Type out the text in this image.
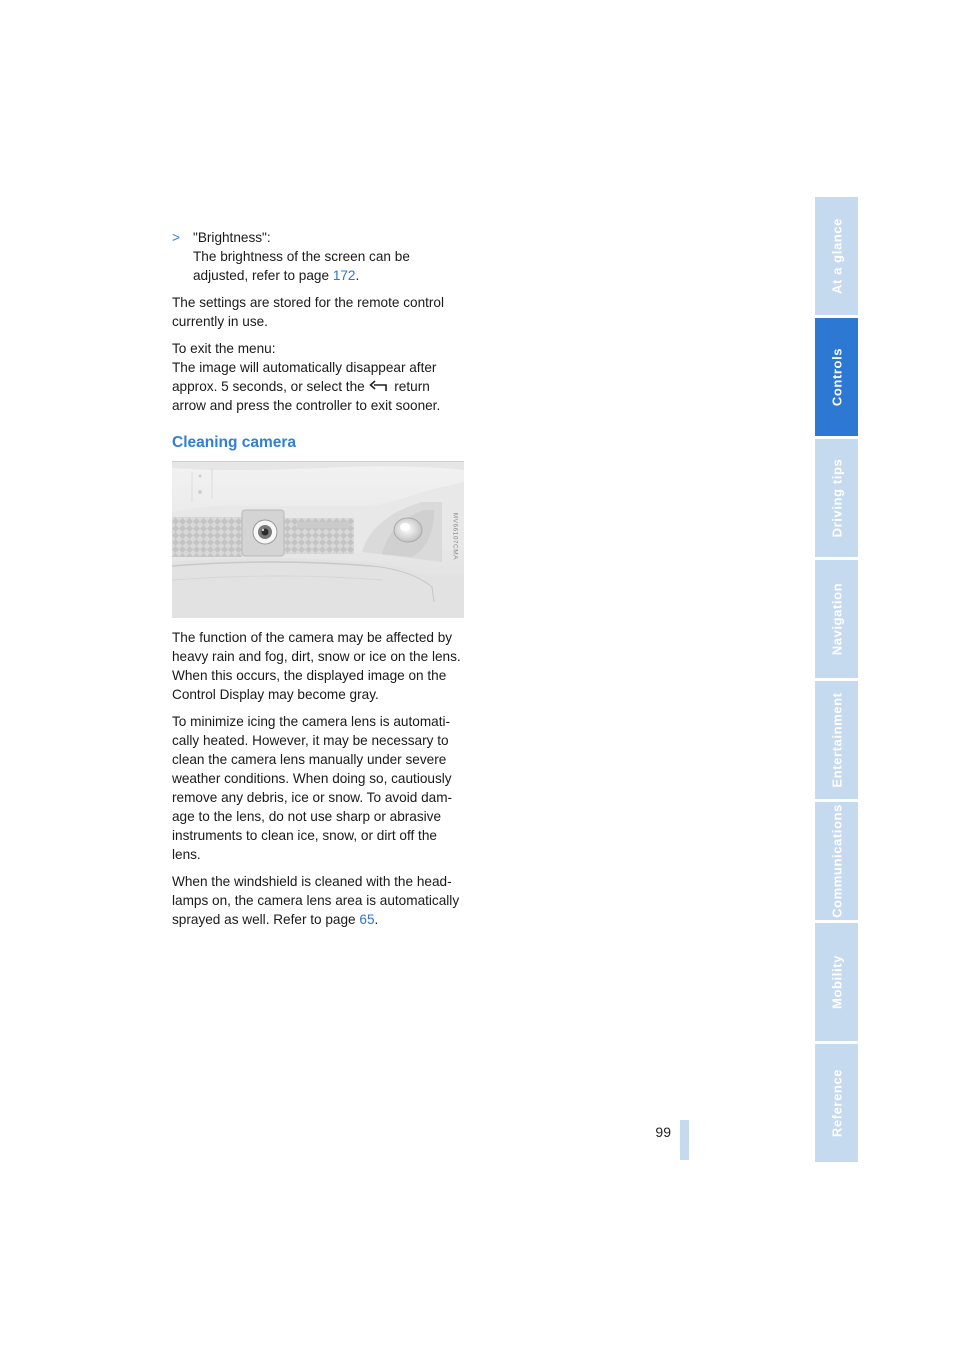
> "Brightness":
The brightness of the screen can be adjusted, refer to page 172.

The settings are stored for the remote control currently in use.

To exit the menu:
The image will automatically disappear after approx. 5 seconds, or select the return arrow and press the controller to exit sooner.

Cleaning camera
MV66107CMA

The function of the camera may be affected by heavy rain and fog, dirt, snow or ice on the lens. When this occurs, the displayed image on the Control Display may become gray.

To minimize icing the camera lens is automati-cally heated. However, it may be necessary to clean the camera lens manually under severe weather conditions. When doing so, cautiously remove any debris, ice or snow. To avoid dam-age to the lens, do not use sharp or abrasive instruments to clean ice, snow, or dirt off the lens.

When the windshield is cleaned with the head-lamps on, the camera lens area is automatically sprayed as well. Refer to page 65.

At a glance
Controls
Driving tips
Navigation
Entertainment
Communications
Mobility
Reference
99
